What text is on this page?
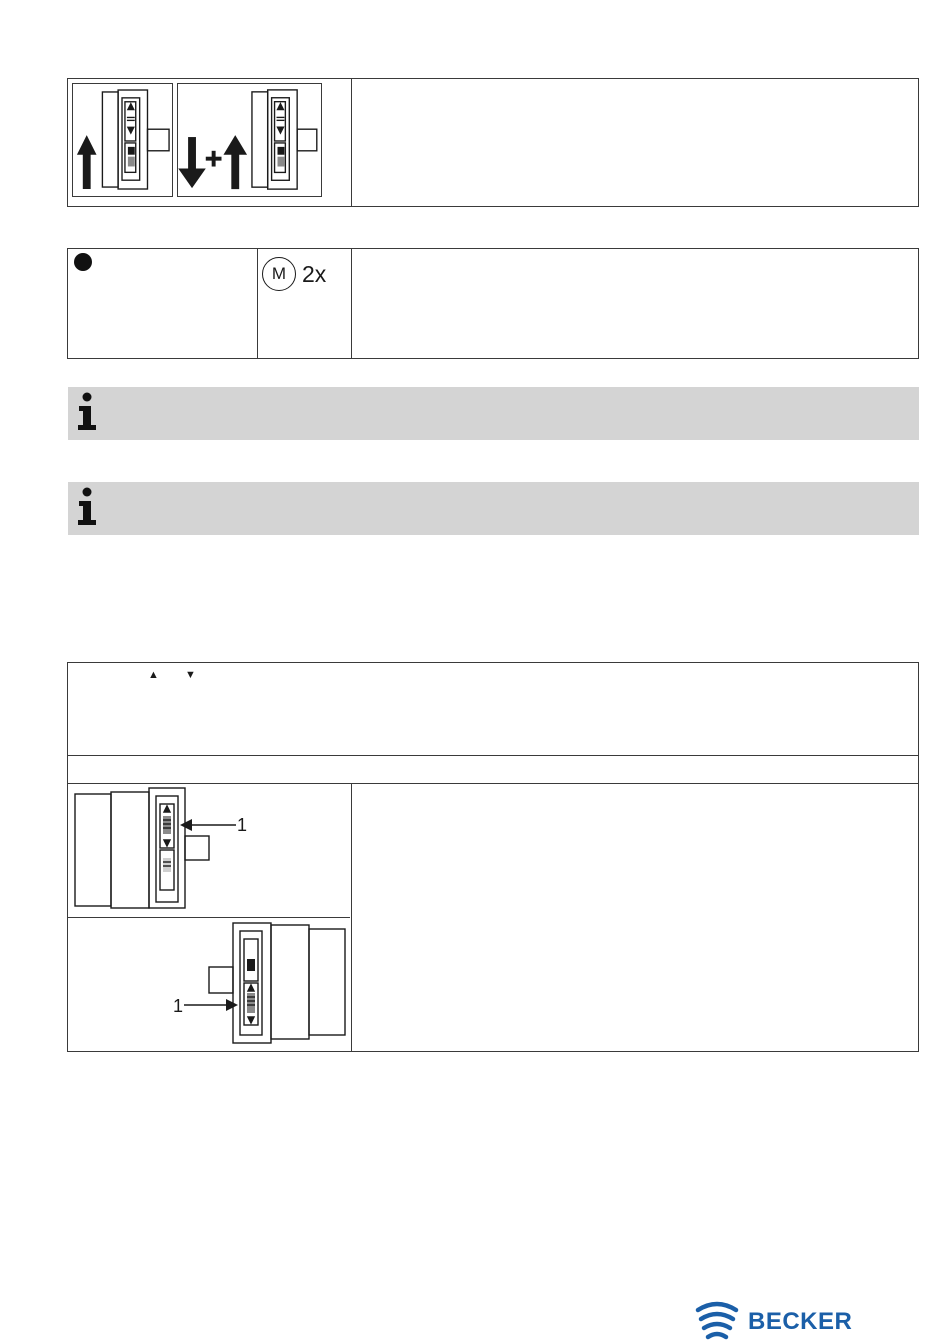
M 2x
▲ ▼
1
1
BECKER
